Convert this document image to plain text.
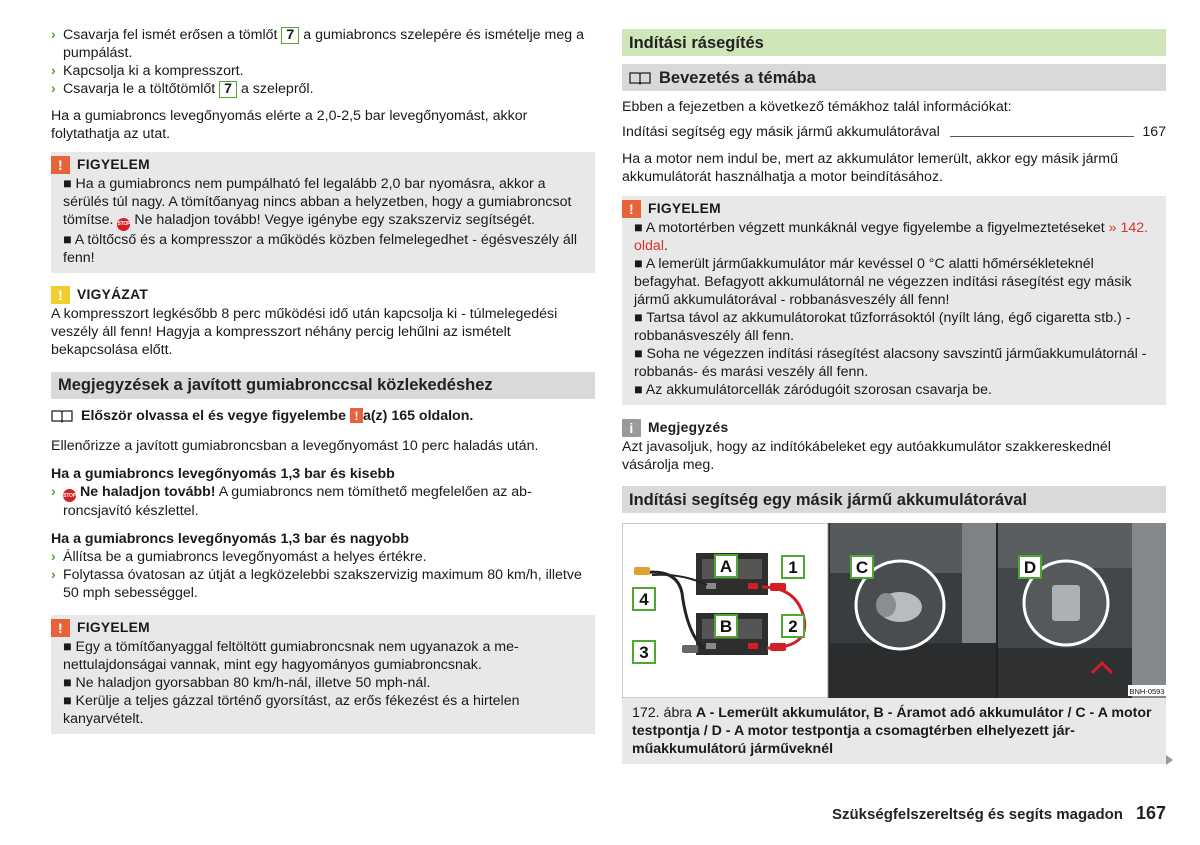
› Csavarja fel ismét erősen a tömlőt 7 a gumiabroncs szelepére és ismételje meg a pumpálást.
› Kapcsolja ki a kompresszort.
› Csavarja le a töltőtömlőt 7 a szelepről.

Ha a gumiabroncs levegőnyomás elérte a 2,0-2,5 bar levegőnyomást, akkor folytathatja az utat.

!	FIGYELEM
■ Ha a gumiabroncs nem pumpálható fel legalább 2,0 bar nyomásra, akkor a sérülés túl nagy. A tömítőanyag nincs abban a helyzetben, hogy a gumiabroncsot tömítse. STOP Ne haladjon tovább! Vegye igénybe egy szakszerviz segítségét.
■ A töltőcső és a kompresszor a működés közben felmelegedhet - égésveszély áll fenn!
!	VIGYÁZAT
A kompresszort legkésőbb 8 perc működési idő után kapcsolja ki - túlmelegedési veszély áll fenn! Hagyja a kompresszort néhány percig lehűlni az ismételt bekapcsolása előtt.
Megjegyzések a javított gumiabronccsal közlekedéshez
Először olvassa el és vegye figyelembe
! a(z) 165 oldalon.

Ellenőrizze a javított gumiabroncsban a levegőnyomást 10 perc haladás után.

Ha a gumiabroncs levegőnyomás 1,3 bar és kisebb

› STOP Ne haladjon tovább! A gumiabroncs nem tömíthető megfelelően az abroncsjavító készlettel.

Ha a gumiabroncs levegőnyomás 1,3 bar és nagyobb

› Állítsa be a gumiabroncs levegőnyomást a helyes értékre.
› Folytassa óvatosan az útját a legközelebbi szakszervizig maximum 80 km/h, illetve 50 mph sebességgel.
!	FIGYELEM
■ Egy a tömítőanyaggal feltöltött gumiabroncsnak nem ugyanazok a menettulajdonságai vannak, mint egy hagyományos gumiabroncsnak.
■ Ne haladjon gyorsabban 80 km/h-nál, illetve 50 mph-nál.
■ Kerülje a teljes gázzal történő gyorsítást, az erős fékezést és a hirtelen kanyarvételt.
Indítási rásegítés
Bevezetés a témába

Ebben a fejezetben a következő témákhoz talál információkat:

Indítási segítség egy másik jármű akkumulátorával	167

Ha a motor nem indul be, mert az akkumulátor lemerült, akkor egy másik jármű akkumulátorát használhatja a motor beindításához.

!	FIGYELEM
■ A motortérben végzett munkáknál vegye figyelembe a figyelmeztetéseket » 142. oldal.
■ A lemerült járműakkumulátor már kevéssel 0 °C alatti hőmérsékleteknél befagyhat. Befagyott akkumulátornál ne végezzen indítási rásegítést egy másik jármű akkumulátorával - robbanásveszély áll fenn!
■ Tartsa távol az akkumulátorokat tűzforrásoktól (nyílt láng, égő cigaretta stb.) - robbanásveszély áll fenn.
■ Soha ne végezzen indítási rásegítést alacsony savszintű járműakkumulátornál - robbanás- és marási veszély áll fenn.
■ Az akkumulátorcellák záródugóit szorosan csavarja be.
i	Megjegyzés
Azt javasoljuk, hogy az indítókábeleket egy autóakkumulátor szakkereskednél vásárolja meg.
Indítási segítség egy másik jármű akkumulátorával
A
B
1
2
3
4
C	D
BNH-0593
172. ábra A - Lemerült akkumulátor, B - Áramot adó akkumulátor / C - A motor testpontja / D - A motor testpontja a csomagtérben elhelyezett járműakkumulátorú járműveknél
Szükségfelszereltség és segíts magadon 167
